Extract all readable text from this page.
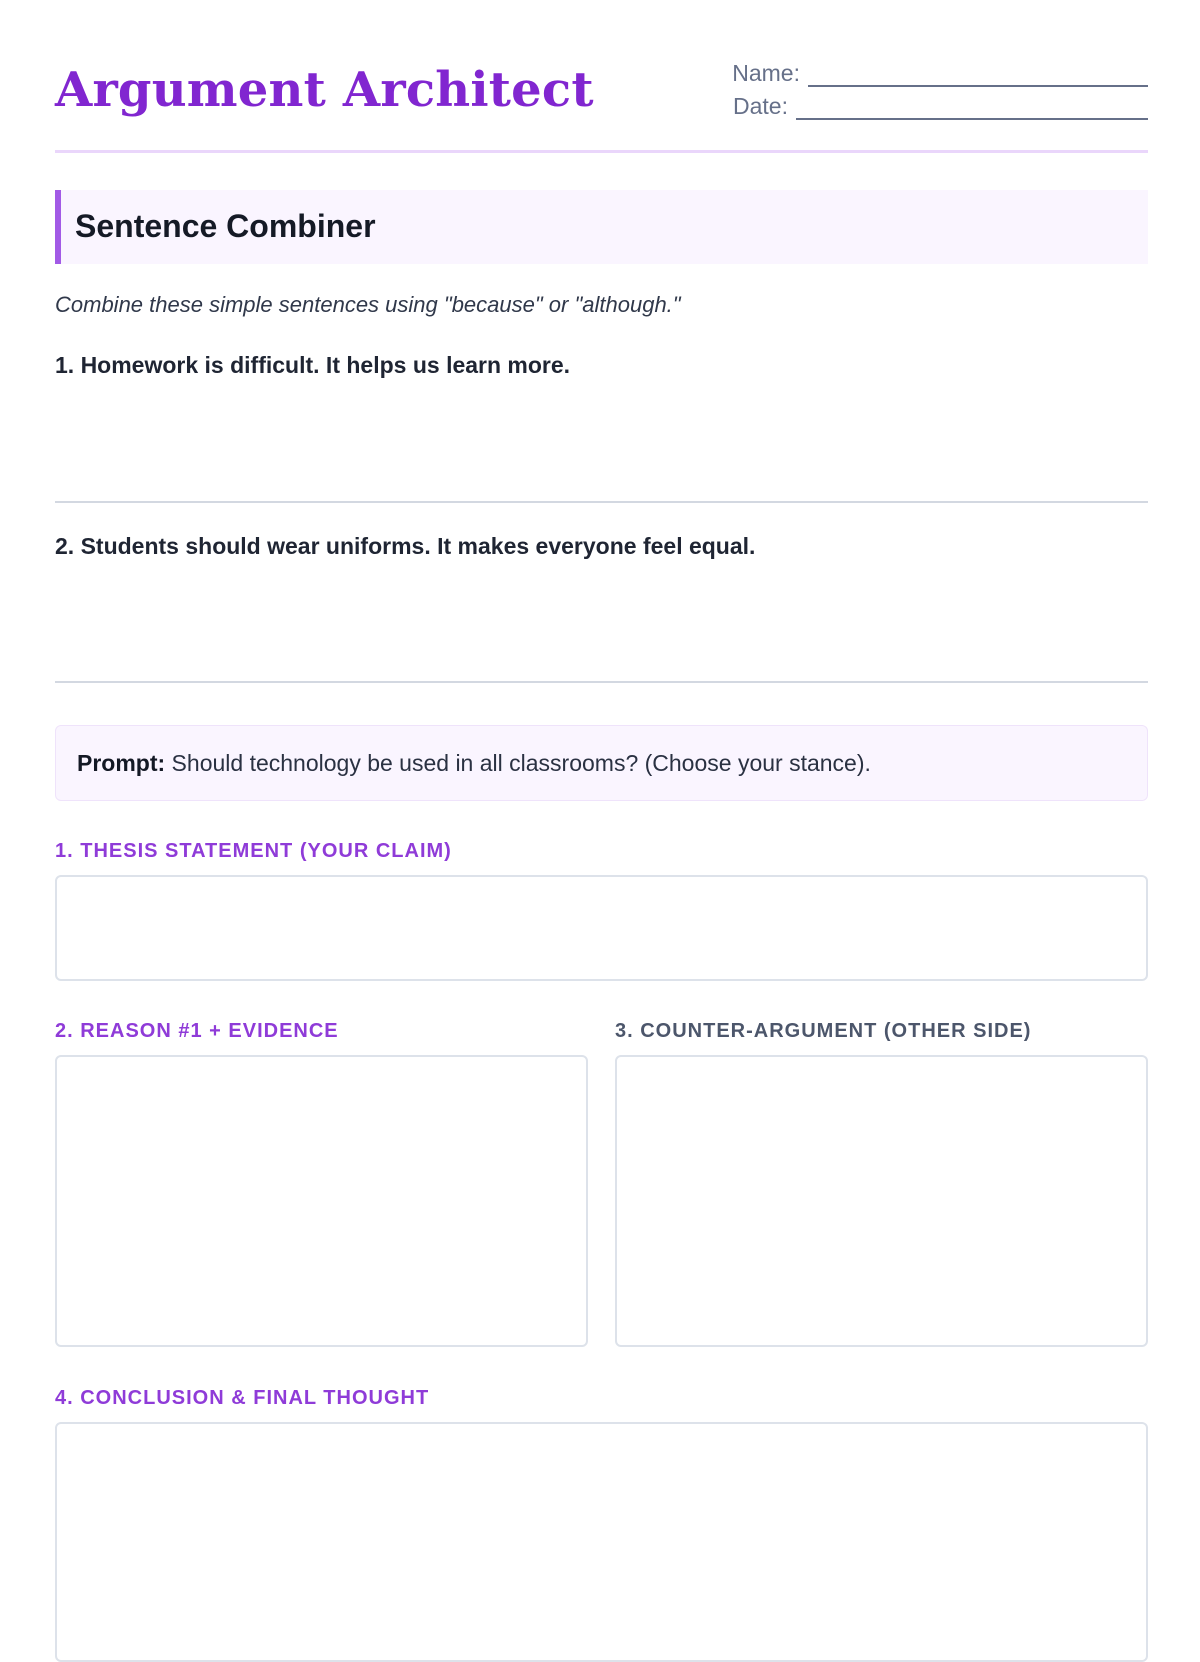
Argument Architect	Name:
Date:
Sentence Combiner
Combine these simple sentences using "because" or "although."
1. Homework is difficult. It helps us learn more.
2. Students should wear uniforms. It makes everyone feel equal.
Prompt: Should technology be used in all classrooms? (Choose your stance).
1. THESIS STATEMENT (YOUR CLAIM)
2. REASON #1 + EVIDENCE	3. COUNTER-ARGUMENT (OTHER SIDE)
4. CONCLUSION & FINAL THOUGHT
